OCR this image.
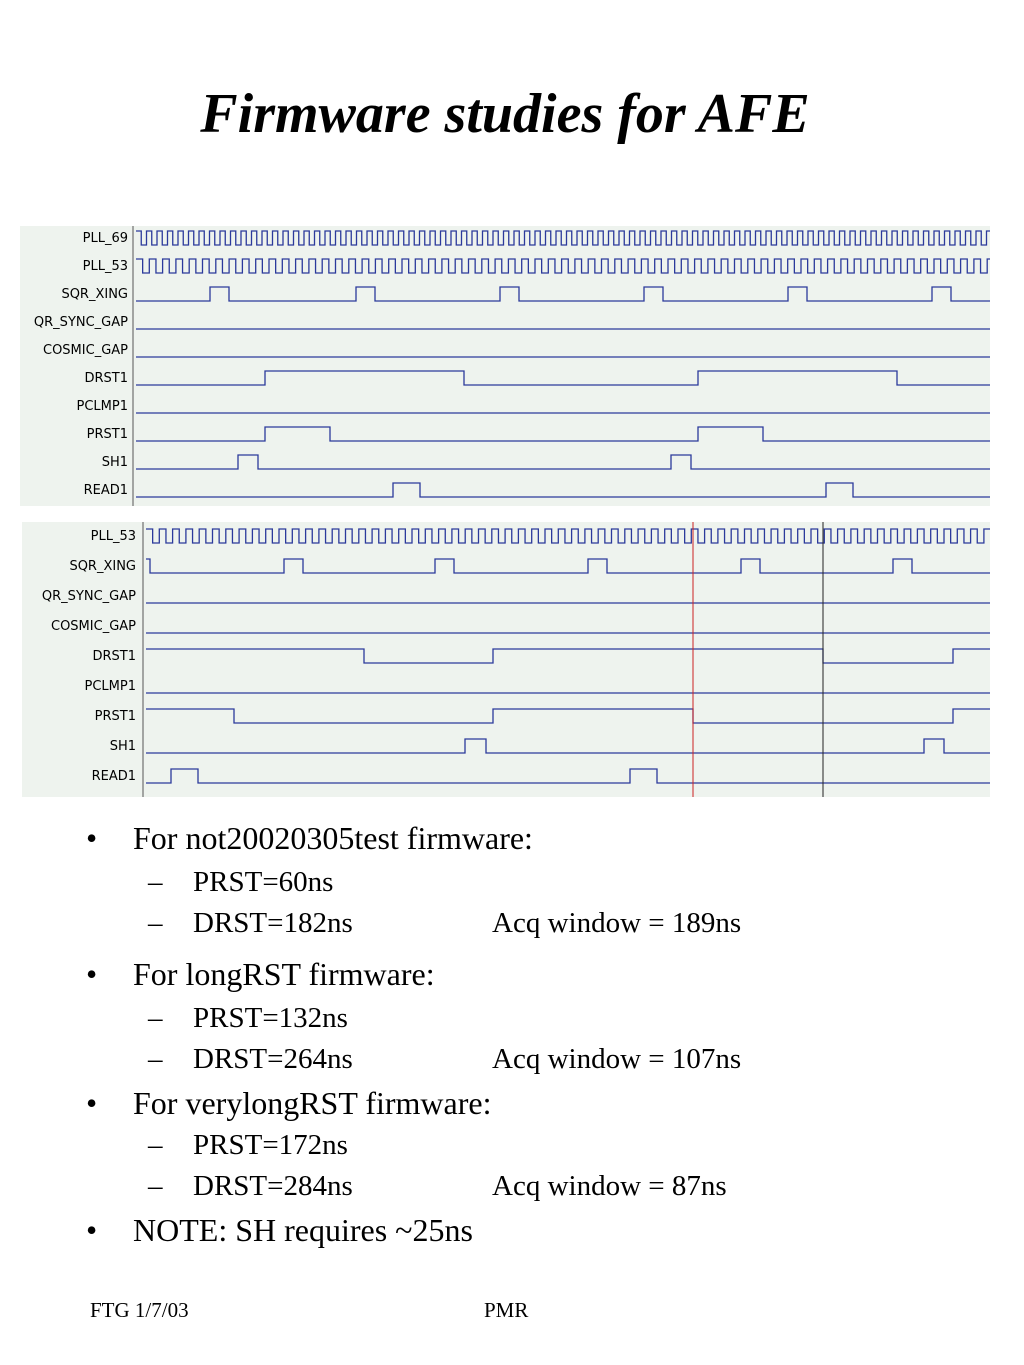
Firmware studies for AFE
PLL_69
PLL_53
SQR_XING
QR_SYNC_GAP
COSMIC_GAP
DRST1
PCLMP1
PRST1
SH1
READ1
PLL_53
SQR_XING
QR_SYNC_GAP
COSMIC_GAP
DRST1
PCLMP1
PRST1
SH1
READ1
• For not20020305test firmware:
– PRST=60ns
– DRST=182ns	Acq window = 189ns
• For longRST firmware:
– PRST=132ns
– DRST=264ns	Acq window = 107ns
• For verylongRST firmware:
– PRST=172ns
– DRST=284ns	Acq window = 87ns
• NOTE: SH requires ~25ns
FTG 1/7/03	PMR
